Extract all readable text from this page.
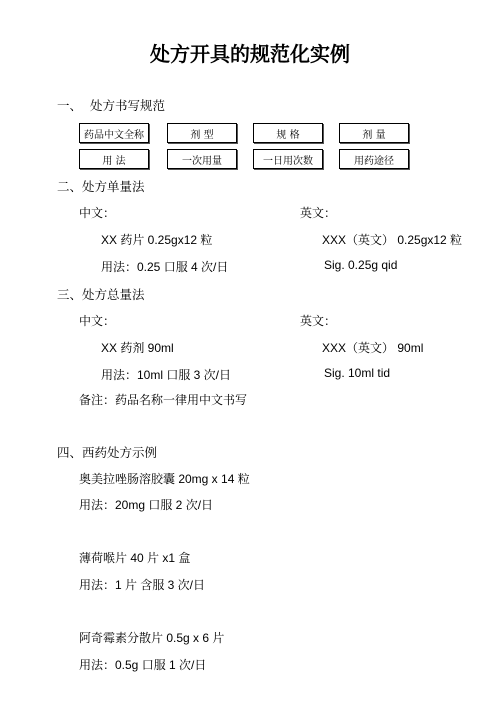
处方开具的规范化实例
一、 处方书写规范
药品中文全称	剂 型	规 格	剂 量
用 法	一次用量	一日用次数	用药途径
二、处方单量法
中文：	英文：
XX 药片 0.25gx12 粒	XXX（英文） 0.25gx12 粒
用法：0.25 口服 4 次/日	Sig. 0.25g qid
三、处方总量法
中文：	英文：
XX 药剂 90ml	XXX（英文） 90ml
用法：10ml 口服 3 次/日	Sig. 10ml tid
备注：药品名称一律用中文书写
四、西药处方示例
奥美拉唑肠溶胶囊 20mg x 14 粒
用法：20mg 口服 2 次/日
薄荷喉片 40 片 x1 盒
用法：1 片 含服 3 次/日
阿奇霉素分散片 0.5g x 6 片
用法：0.5g 口服 1 次/日
